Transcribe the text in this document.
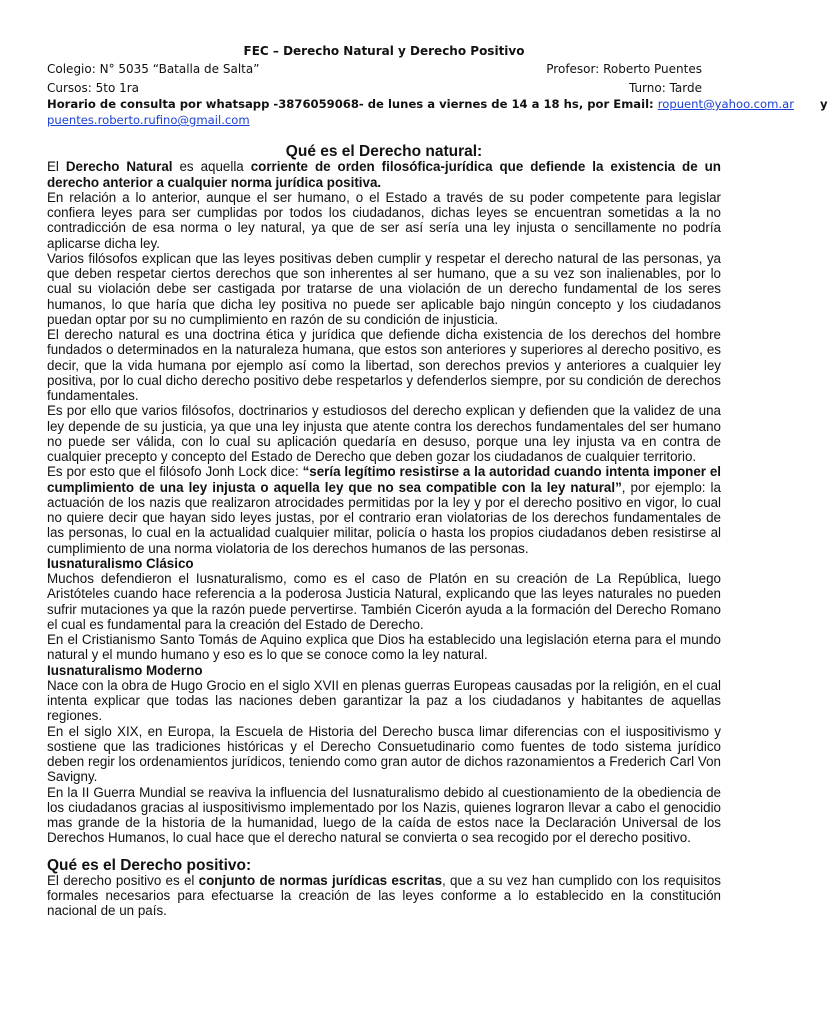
FEC – Derecho Natural y Derecho Positivo
Colegio: N° 5035 “Batalla de Salta”	Profesor: Roberto Puentes
Cursos: 5to 1ra	Turno: Tarde
Horario de consulta por whatsapp -3876059068- de lunes a viernes de 14 a 18 hs, por Email: ropuent@yahoo.com.ar y
puentes.roberto.rufino@gmail.com

Qué es el Derecho natural:

El Derecho Natural es aquella corriente de orden filosófica-jurídica que defiende la existencia de un derecho anterior a cualquier norma jurídica positiva.

En relación a lo anterior, aunque el ser humano, o el Estado a través de su poder competente para legislar confiera leyes para ser cumplidas por todos los ciudadanos, dichas leyes se encuentran sometidas a la no contradicción de esa norma o ley natural, ya que de ser así sería una ley injusta o sencillamente no podría aplicarse dicha ley.

Varios filósofos explican que las leyes positivas deben cumplir y respetar el derecho natural de las personas, ya que deben respetar ciertos derechos que son inherentes al ser humano, que a su vez son inalienables, por lo cual su violación debe ser castigada por tratarse de una violación de un derecho fundamental de los seres humanos, lo que haría que dicha ley positiva no puede ser aplicable bajo ningún concepto y los ciudadanos puedan optar por su no cumplimiento en razón de su condición de injusticia.

El derecho natural es una doctrina ética y jurídica que defiende dicha existencia de los derechos del hombre fundados o determinados en la naturaleza humana, que estos son anteriores y superiores al derecho positivo, es decir, que la vida humana por ejemplo así como la libertad, son derechos previos y anteriores a cualquier ley positiva, por lo cual dicho derecho positivo debe respetarlos y defenderlos siempre, por su condición de derechos fundamentales.

Es por ello que varios filósofos, doctrinarios y estudiosos del derecho explican y defienden que la validez de una ley depende de su justicia, ya que una ley injusta que atente contra los derechos fundamentales del ser humano no puede ser válida, con lo cual su aplicación quedaría en desuso, porque una ley injusta va en contra de cualquier precepto y concepto del Estado de Derecho que deben gozar los ciudadanos de cualquier territorio.

Es por esto que el filósofo Jonh Lock dice: “sería legítimo resistirse a la autoridad cuando intenta imponer el cumplimiento de una ley injusta o aquella ley que no sea compatible con la ley natural”, por ejemplo: la actuación de los nazis que realizaron atrocidades permitidas por la ley y por el derecho positivo en vigor, lo cual no quiere decir que hayan sido leyes justas, por el contrario eran violatorias de los derechos fundamentales de las personas, lo cual en la actualidad cualquier militar, policía o hasta los propios ciudadanos deben resistirse al cumplimiento de una norma violatoria de los derechos humanos de las personas.

Iusnaturalismo Clásico

Muchos defendieron el Iusnaturalismo, como es el caso de Platón en su creación de La República, luego Aristóteles cuando hace referencia a la poderosa Justicia Natural, explicando que las leyes naturales no pueden sufrir mutaciones ya que la razón puede pervertirse. También Cicerón ayuda a la formación del Derecho Romano el cual es fundamental para la creación del Estado de Derecho.

En el Cristianismo Santo Tomás de Aquino explica que Dios ha establecido una legislación eterna para el mundo natural y el mundo humano y eso es lo que se conoce como la ley natural.

Iusnaturalismo Moderno

Nace con la obra de Hugo Grocio en el siglo XVII en plenas guerras Europeas causadas por la religión, en el cual intenta explicar que todas las naciones deben garantizar la paz a los ciudadanos y habitantes de aquellas regiones.

En el siglo XIX, en Europa, la Escuela de Historia del Derecho busca limar diferencias con el iuspositivismo y sostiene que las tradiciones históricas y el Derecho Consuetudinario como fuentes de todo sistema jurídico deben regir los ordenamientos jurídicos, teniendo como gran autor de dichos razonamientos a Frederich Carl Von Savigny.

En la II Guerra Mundial se reaviva la influencia del Iusnaturalismo debido al cuestionamiento de la obediencia de los ciudadanos gracias al iuspositivismo implementado por los Nazis, quienes lograron llevar a cabo el genocidio mas grande de la historia de la humanidad, luego de la caída de estos nace la Declaración Universal de los Derechos Humanos, lo cual hace que el derecho natural se convierta o sea recogido por el derecho positivo.

Qué es el Derecho positivo:

El derecho positivo es el conjunto de normas jurídicas escritas, que a su vez han cumplido con los requisitos formales necesarios para efectuarse la creación de las leyes conforme a lo establecido en la constitución nacional de un país.
